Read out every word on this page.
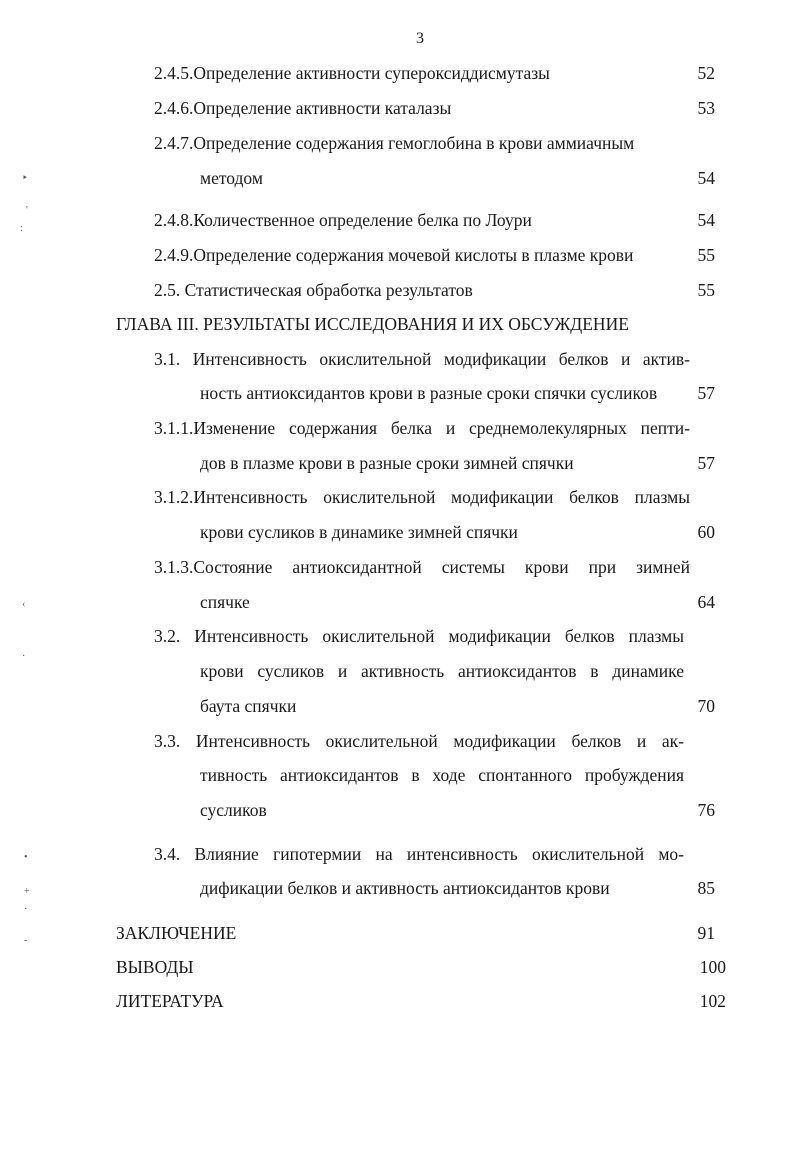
3
2.4.5.Определение активности супероксиддисмутазы	52
2.4.6.Определение активности каталазы	53
2.4.7.Определение содержания гемоглобина в крови аммиачным
методом	54
2.4.8.Количественное определение белка по Лоури	54
2.4.9.Определение содержания мочевой кислоты в плазме крови	55
2.5. Статистическая обработка результатов	55
ГЛАВА III. РЕЗУЛЬТАТЫ ИССЛЕДОВАНИЯ И ИХ ОБСУЖДЕНИЕ
3.1. Интенсивность окислительной модификации белков и актив-
ность антиоксидантов крови в разные сроки спячки сусликов	57
3.1.1.Изменение содержания белка и среднемолекулярных пепти-
дов в плазме крови в разные сроки зимней спячки	57
3.1.2.Интенсивность окислительной модификации белков плазмы
крови сусликов в динамике зимней спячки	60
3.1.3.Состояние антиоксидантной системы крови при зимней
спячке	64
3.2. Интенсивность окислительной модификации белков плазмы
крови сусликов и активность антиоксидантов в динамике
баута спячки	70
3.3. Интенсивность окислительной модификации белков и ак-
тивность антиоксидантов в ходе спонтанного пробуждения
сусликов	76
3.4. Влияние гипотермии на интенсивность окислительной мо-
дификации белков и активность антиоксидантов крови	85
ЗАКЛЮЧЕНИЕ	91
ВЫВОДЫ	100
ЛИТЕРАТУРА	102
‣
'
:
‹
·
•
+
·
-
